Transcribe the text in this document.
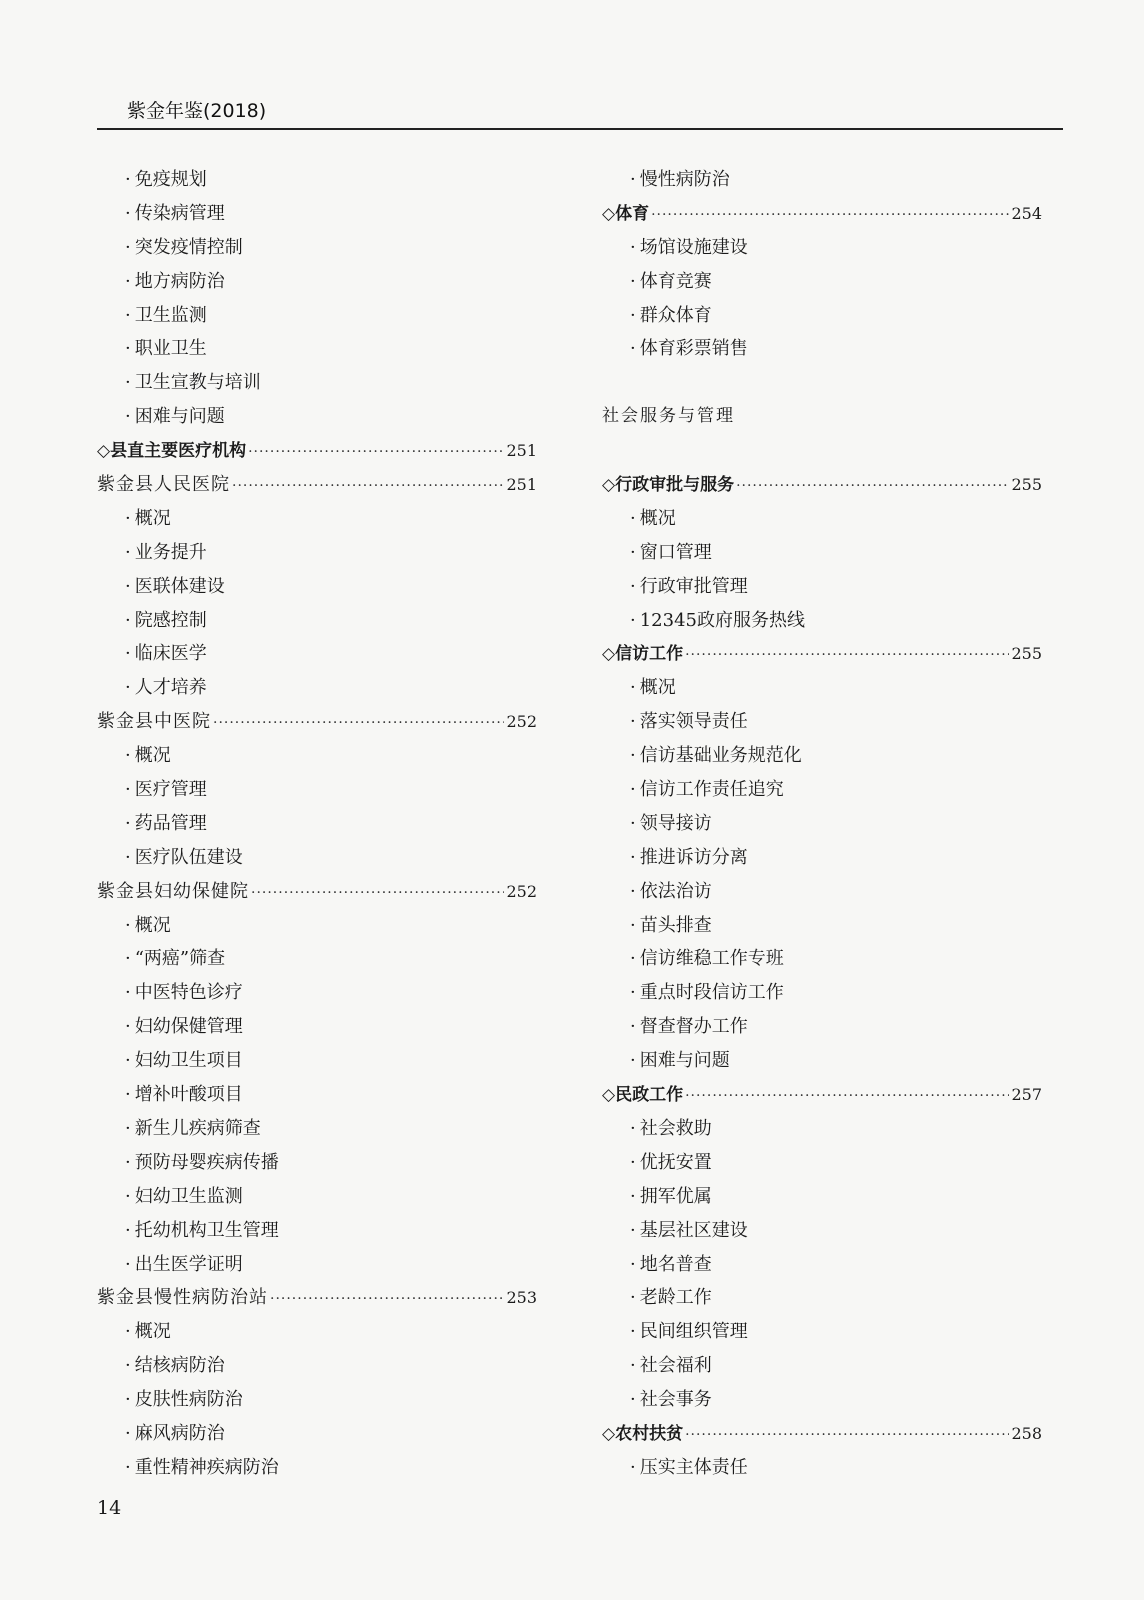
紫金年鉴(2018)
· 免疫规划
· 传染病管理
· 突发疫情控制
· 地方病防治
· 卫生监测
· 职业卫生
· 卫生宣教与培训
· 困难与问题
◇县直主要医疗机构 ·····	251
紫金县人民医院 ·····	251
· 概况
· 业务提升
· 医联体建设
· 院感控制
· 临床医学
· 人才培养
紫金县中医院 ·····	252
· 概况
· 医疗管理
· 药品管理
· 医疗队伍建设
紫金县妇幼保健院 ·····	252
· 概况
· “两癌”筛查
· 中医特色诊疗
· 妇幼保健管理
· 妇幼卫生项目
· 增补叶酸项目
· 新生儿疾病筛查
· 预防母婴疾病传播
· 妇幼卫生监测
· 托幼机构卫生管理
· 出生医学证明
紫金县慢性病防治站 ·····	253
· 概况
· 结核病防治
· 皮肤性病防治
· 麻风病防治
· 重性精神疾病防治
· 慢性病防治
◇体育 ·····	254
· 场馆设施建设
· 体育竞赛
· 群众体育
· 体育彩票销售
社会服务与管理
◇行政审批与服务 ·····	255
· 概况
· 窗口管理
· 行政审批管理
· 12345政府服务热线
◇信访工作 ·····	255
· 概况
· 落实领导责任
· 信访基础业务规范化
· 信访工作责任追究
· 领导接访
· 推进诉访分离
· 依法治访
· 苗头排查
· 信访维稳工作专班
· 重点时段信访工作
· 督查督办工作
· 困难与问题
◇民政工作 ·····	257
· 社会救助
· 优抚安置
· 拥军优属
· 基层社区建设
· 地名普查
· 老龄工作
· 民间组织管理
· 社会福利
· 社会事务
◇农村扶贫 ·····	258
· 压实主体责任
14
